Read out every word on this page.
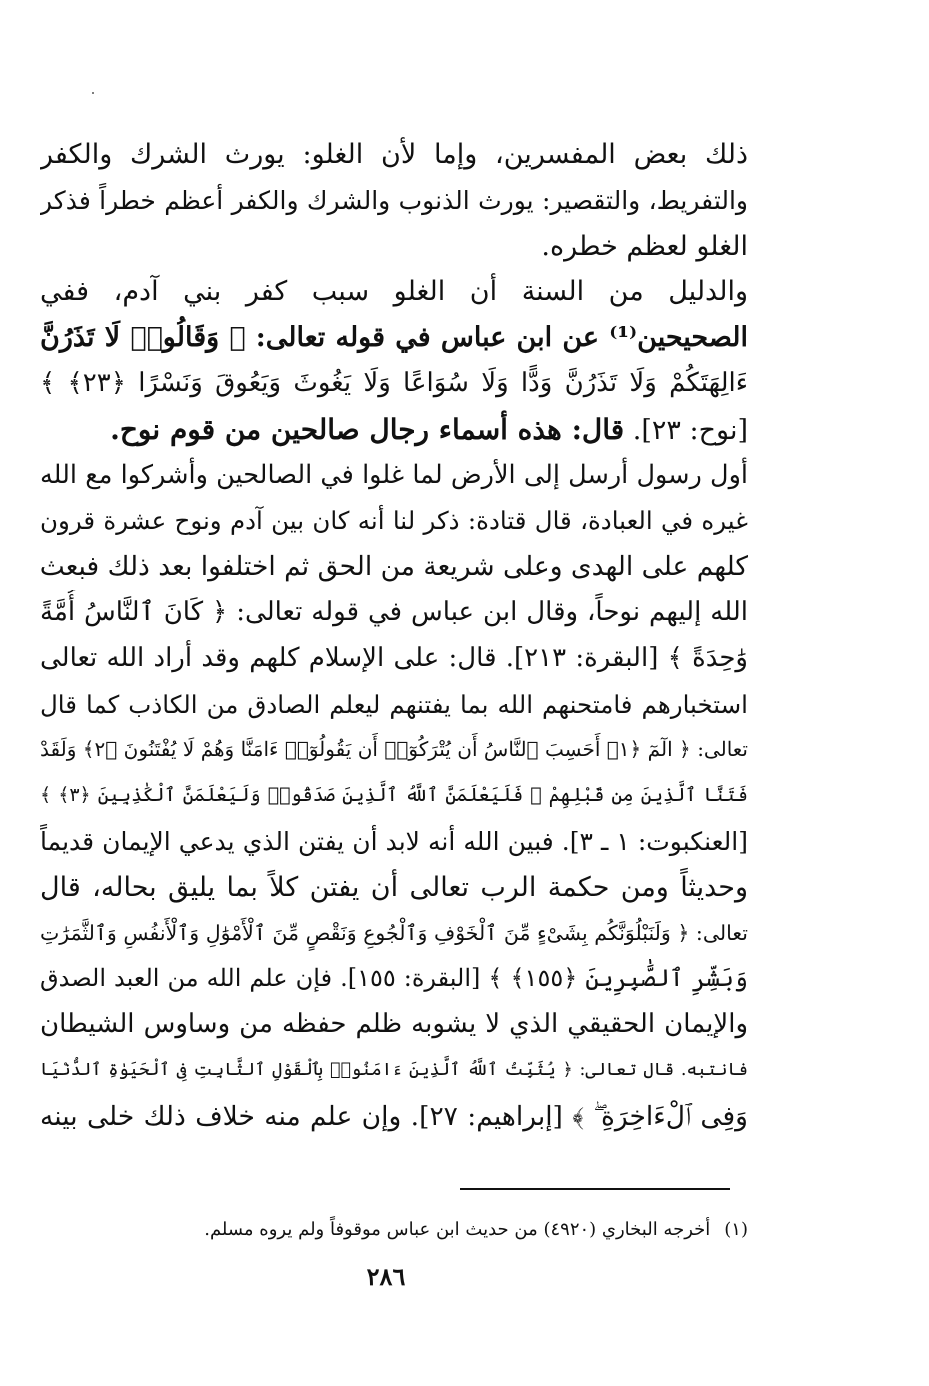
ذلك بعض المفسرين، وإما لأن الغلو: يورث الشرك والكفر
والتفريط، والتقصير: يورث الذنوب والشرك والكفر أعظم خطراً فذكر
الغلو لعظم خطره.
والدليل من السنة أن الغلو سبب كفر بني آدم، ففي
الصحيحين⁽¹⁾ عن ابن عباس في قوله تعالى: ﴿ وَقَالُوا۟ لَا تَذَرُنَّ
ءَالِهَتَكُمْ وَلَا تَذَرُنَّ وَدًّا وَلَا سُوَاعًا وَلَا يَغُوثَ وَيَعُوقَ وَنَسْرًا ﴿٢٣﴾ ﴾
[نوح: ٢٣]. قال: هذه أسماء رجال صالحين من قوم نوح.
أول رسول أرسل إلى الأرض لما غلوا في الصالحين وأشركوا مع الله
غيره في العبادة، قال قتادة: ذكر لنا أنه كان بين آدم ونوح عشرة قرون
كلهم على الهدى وعلى شريعة من الحق ثم اختلفوا بعد ذلك فبعث
الله إليهم نوحاً، وقال ابن عباس في قوله تعالى: ﴿ كَانَ ٱلنَّاسُ أُمَّةً
وَٰحِدَةً ﴾ [البقرة: ٢١٣]. قال: على الإسلام كلهم وقد أراد الله تعالى
استخبارهم فامتحنهم الله بما يفتنهم ليعلم الصادق من الكاذب كما قال
تعالى: ﴿ الٓمٓ ﴿١﴾ أَحَسِبَ ٱلنَّاسُ أَن يُتْرَكُوٓا۟ أَن يَقُولُوٓا۟ ءَامَنَّا وَهُمْ لَا يُفْتَنُونَ ﴿٢﴾ وَلَقَدْ
فَتَنَّا ٱلَّذِينَ مِن قَبْلِهِمْ ۖ فَلَيَعْلَمَنَّ ٱللَّهُ ٱلَّذِينَ صَدَقُوا۟ وَلَيَعْلَمَنَّ ٱلْكَٰذِبِينَ ﴿٣﴾ ﴾
[العنكبوت: ١ ـ ٣]. فبين الله أنه لابد أن يفتن الذي يدعي الإيمان قديماً
وحديثاً ومن حكمة الرب تعالى أن يفتن كلاً بما يليق بحاله، قال
تعالى: ﴿ وَلَنَبْلُوَنَّكُم بِشَىْءٍ مِّنَ ٱلْخَوْفِ وَٱلْجُوعِ وَنَقْصٍ مِّنَ ٱلْأَمْوَٰلِ وَٱلْأَنفُسِ وَٱلثَّمَرَٰتِ
وَبَشِّرِ ٱلصَّٰبِرِينَ ﴿١٥٥﴾ ﴾ [البقرة: ١٥٥]. فإن علم الله من العبد الصدق
والإيمان الحقيقي الذي لا يشوبه ظلم حفظه من وساوس الشيطان
فانتبه. قال تعالى: ﴿ يُثَبِّتُ ٱللَّهُ ٱلَّذِينَ ءَامَنُوا۟ بِٱلْقَوْلِ ٱلثَّابِتِ فِى ٱلْحَيَوٰةِ ٱلدُّنْيَا
وَفِى ٱلْءَاخِرَةِ ۖ ﴾ [إبراهيم: ٢٧]. وإن علم منه خلاف ذلك خلى بينه
(١)أخرجه البخاري (٤٩٢٠) من حديث ابن عباس موقوفاً ولم يروه مسلم.
٢٨٦
